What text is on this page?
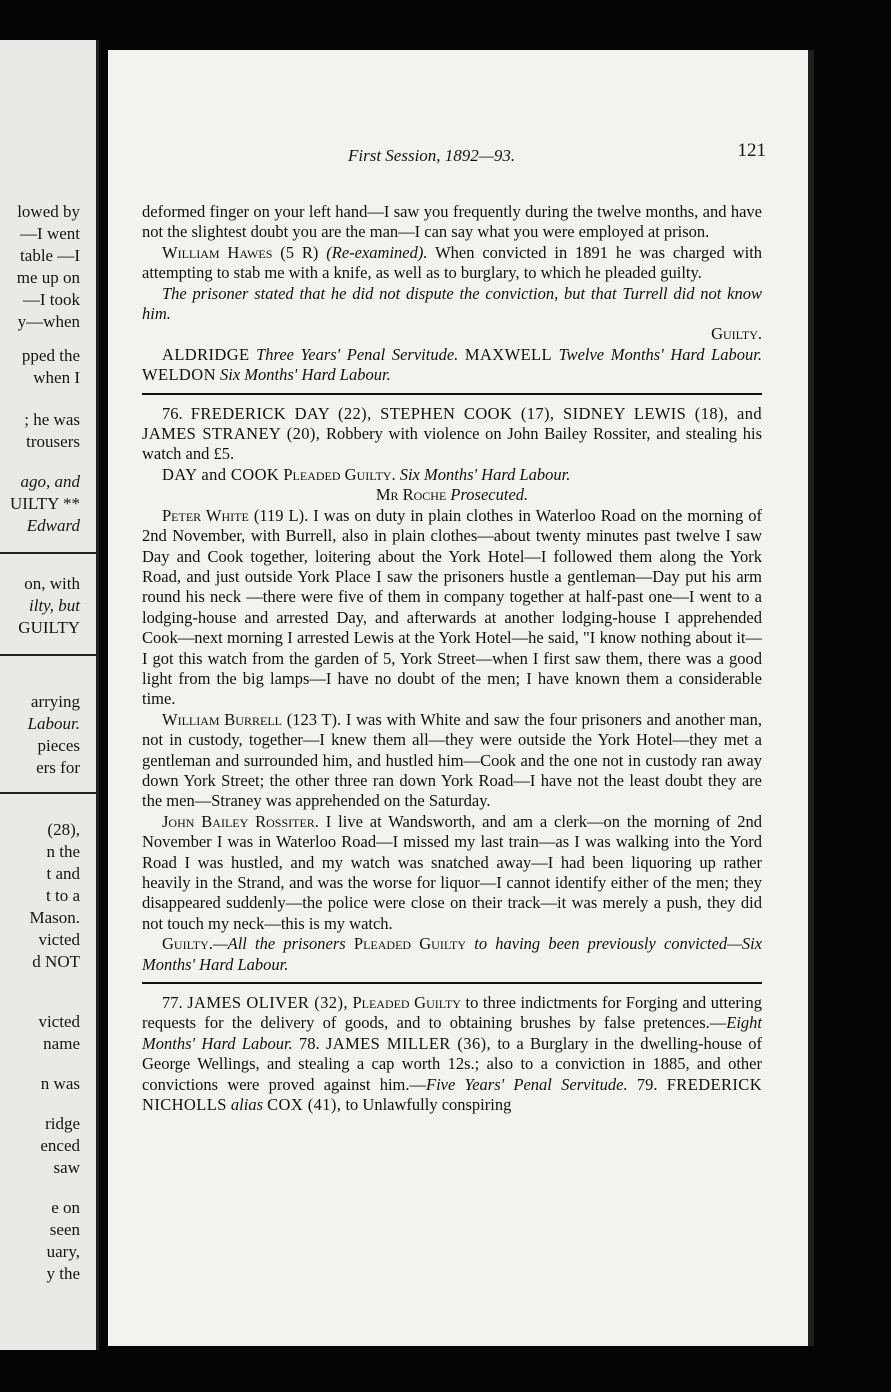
lowed by
—I went
table —I
me up on
—I took
y—when
pped the
when I
; he was
trousers
ago, and
UILTY **
Edward
on, with
ilty, but
GUILTY
arrying
Labour.
pieces
ers for
(28),
n the
t and
t to a
Mason.
victed
d NOT
victed
name
n was
ridge
enced
saw
e on
seen
uary,
y the
First Session, 1892—93.	121

deformed finger on your left hand—I saw you frequently during the twelve months, and have not the slightest doubt you are the man—I can say what you were employed at prison.

William Hawes (5 R) (Re-examined). When convicted in 1891 he was charged with attempting to stab me with a knife, as well as to burglary, to which he pleaded guilty.

The prisoner stated that he did not dispute the conviction, but that Turrell did not know him.

Guilty.

ALDRIDGE Three Years' Penal Servitude. MAXWELL Twelve Months' Hard Labour. WELDON Six Months' Hard Labour.

76. FREDERICK DAY (22), STEPHEN COOK (17), SIDNEY LEWIS (18), and JAMES STRANEY (20), Robbery with violence on John Bailey Rossiter, and stealing his watch and £5.

DAY and COOK Pleaded Guilty. Six Months' Hard Labour.

Mr Roche Prosecuted.

Peter White (119 L). I was on duty in plain clothes in Waterloo Road on the morning of 2nd November, with Burrell, also in plain clothes—about twenty minutes past twelve I saw Day and Cook together, loitering about the York Hotel—I followed them along the York Road, and just outside York Place I saw the prisoners hustle a gentleman—Day put his arm round his neck —there were five of them in company together at half-past one—I went to a lodging-house and arrested Day, and afterwards at another lodging-house I apprehended Cook—next morning I arrested Lewis at the York Hotel—he said, "I know nothing about it—I got this watch from the garden of 5, York Street—when I first saw them, there was a good light from the big lamps—I have no doubt of the men; I have known them a considerable time.

William Burrell (123 T). I was with White and saw the four prisoners and another man, not in custody, together—I knew them all—they were outside the York Hotel—they met a gentleman and surrounded him, and hustled him—Cook and the one not in custody ran away down York Street; the other three ran down York Road—I have not the least doubt they are the men—Straney was apprehended on the Saturday.

John Bailey Rossiter. I live at Wandsworth, and am a clerk—on the morning of 2nd November I was in Waterloo Road—I missed my last train—as I was walking into the Yord Road I was hustled, and my watch was snatched away—I had been liquoring up rather heavily in the Strand, and was the worse for liquor—I cannot identify either of the men; they disappeared suddenly—the police were close on their track—it was merely a push, they did not touch my neck—this is my watch.

Guilty.—All the prisoners Pleaded Guilty to having been previously convicted—Six Months' Hard Labour.

77. JAMES OLIVER (32), Pleaded Guilty to three indictments for Forging and uttering requests for the delivery of goods, and to obtaining brushes by false pretences.—Eight Months' Hard Labour. 78. JAMES MILLER (36), to a Burglary in the dwelling-house of George Wellings, and stealing a cap worth 12s.; also to a conviction in 1885, and other convictions were proved against him.—Five Years' Penal Servitude. 79. FREDERICK NICHOLLS alias COX (41), to Unlawfully conspiring
